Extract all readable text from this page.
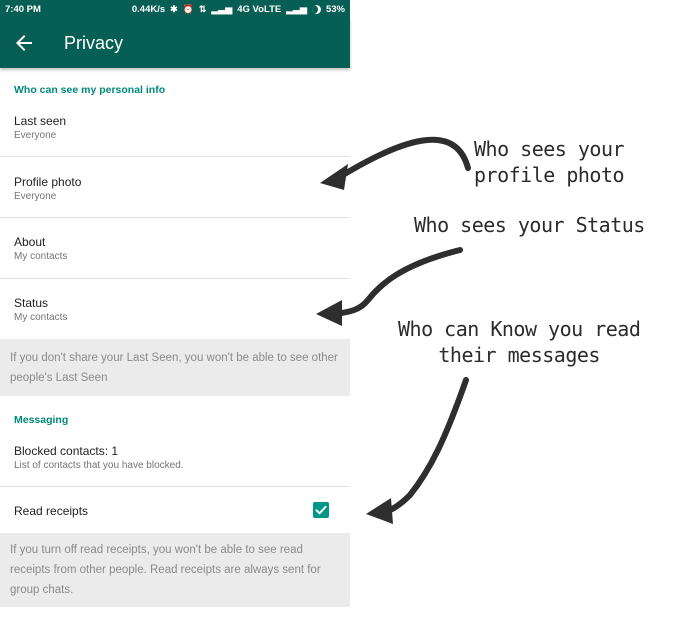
7:40 PM	0.44K/s ✱ ⏰ ⇅ ▂▃▅ 4G VoLTE ▂▃▅ 53%
Privacy
Who can see my personal info
Last seen
Everyone
Profile photo
Everyone
About
My contacts
Status
My contacts
If you don't share your Last Seen, you won't be able to see other people's Last Seen
Messaging
Blocked contacts: 1
List of contacts that you have blocked.
Read receipts
If you turn off read receipts, you won't be able to see read receipts from other people. Read receipts are always sent for group chats.
Who sees your
profile photo
Who sees your Status
Who can Know you read
their messages
